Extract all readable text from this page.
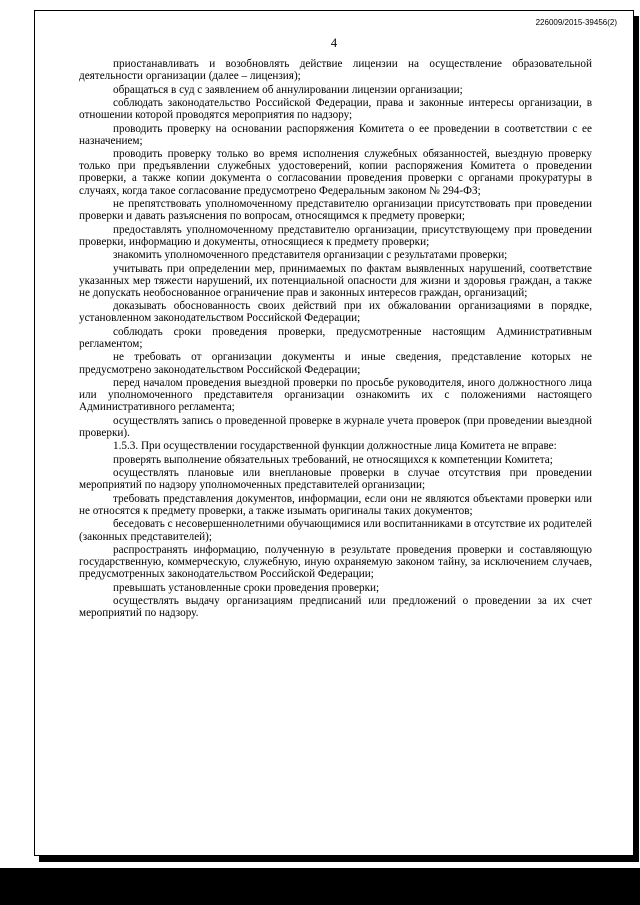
226009/2015-39456(2)
4

приостанавливать и возобновлять действие лицензии на осуществление образовательной деятельности организации (далее – лицензия);

обращаться в суд с заявлением об аннулировании лицензии организации;

соблюдать законодательство Российской Федерации, права и законные интересы организации, в отношении которой проводятся мероприятия по надзору;

проводить проверку на основании распоряжения Комитета о ее проведении в соответствии с ее назначением;

проводить проверку только во время исполнения служебных обязанностей, выездную проверку только при предъявлении служебных удостоверений, копии распоряжения Комитета о проведении проверки, а также копии документа о согласовании проведения проверки с органами прокуратуры в случаях, когда такое согласование предусмотрено Федеральным законом № 294-ФЗ;

не препятствовать уполномоченному представителю организации присутствовать при проведении проверки и давать разъяснения по вопросам, относящимся к предмету проверки;

предоставлять уполномоченному представителю организации, присутствующему при проведении проверки, информацию и документы, относящиеся к предмету проверки;

знакомить уполномоченного представителя организации с результатами проверки;

учитывать при определении мер, принимаемых по фактам выявленных нарушений, соответствие указанных мер тяжести нарушений, их потенциальной опасности для жизни и здоровья граждан, а также не допускать необоснованное ограничение прав и законных интересов граждан, организаций;

доказывать обоснованность своих действий при их обжаловании организациями в порядке, установленном законодательством Российской Федерации;

соблюдать сроки проведения проверки, предусмотренные настоящим Административным регламентом;

не требовать от организации документы и иные сведения, представление которых не предусмотрено законодательством Российской Федерации;

перед началом проведения выездной проверки по просьбе руководителя, иного должностного лица или уполномоченного представителя организации ознакомить их с положениями настоящего Административного регламента;

осуществлять запись о проведенной проверке в журнале учета проверок (при проведении выездной проверки).

1.5.3. При осуществлении государственной функции должностные лица Комитета не вправе:

проверять выполнение обязательных требований, не относящихся к компетенции Комитета;

осуществлять плановые или внеплановые проверки в случае отсутствия при проведении мероприятий по надзору уполномоченных представителей организации;

требовать представления документов, информации, если они не являются объектами проверки или не относятся к предмету проверки, а также изымать оригиналы таких документов;

беседовать с несовершеннолетними обучающимися или воспитанниками в отсутствие их родителей (законных представителей);

распространять информацию, полученную в результате проведения проверки и составляющую государственную, коммерческую, служебную, иную охраняемую законом тайну, за исключением случаев, предусмотренных законодательством Российской Федерации;

превышать установленные сроки проведения проверки;

осуществлять выдачу организациям предписаний или предложений о проведении за их счет мероприятий по надзору.
